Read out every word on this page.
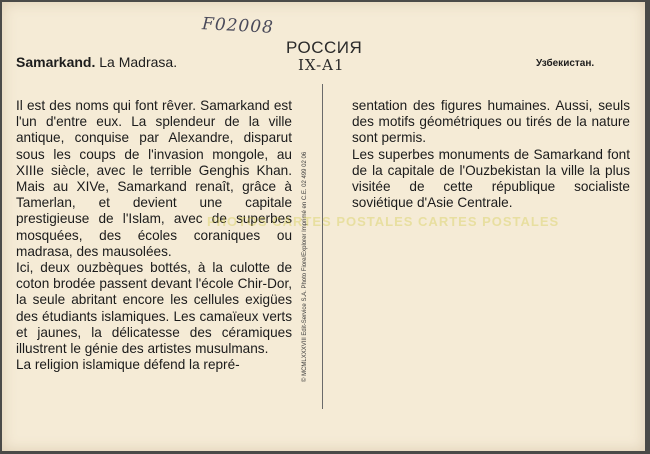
F02008
РОССИЯ
IX-A1
Samarkand. La Madrasa.	Узбекистан.

Il est des noms qui font rêver. Samarkand est l'un d'entre eux. La splendeur de la ville antique, conquise par Alexandre, disparut sous les coups de l'invasion mongole, au XIIIe siècle, avec le terrible Genghis Khan. Mais au XIVe, Samarkand renaît, grâce à Tamerlan, et devient une capitale prestigieuse de l'Islam, avec de superbes mosquées, des écoles coraniques ou madrasa, des mausolées.

Ici, deux ouzbèques bottés, à la culotte de coton brodée passent devant l'école Chir-Dor, la seule abritant encore les cellules exigües des étudiants islamiques. Les camaïeux verts et jaunes, la délicatesse des céramiques illustrent le génie des artistes musulmans.

La religion islamique défend la repré-	© MCMLXXXVIII Edit-Service S.A. Photo Fiore/Explorer Imprimé en C.E. 02 499 02 06

sentation des figures humaines. Aussi, seuls des motifs géométriques ou tirés de la nature sont permis.

Les superbes monuments de Samarkand font de la capitale de l'Ouzbekistan la ville la plus visitée de cette république socialiste soviétique d'Asie Centrale.

PHOTOS CARTES POSTALES CARTES POSTALES
